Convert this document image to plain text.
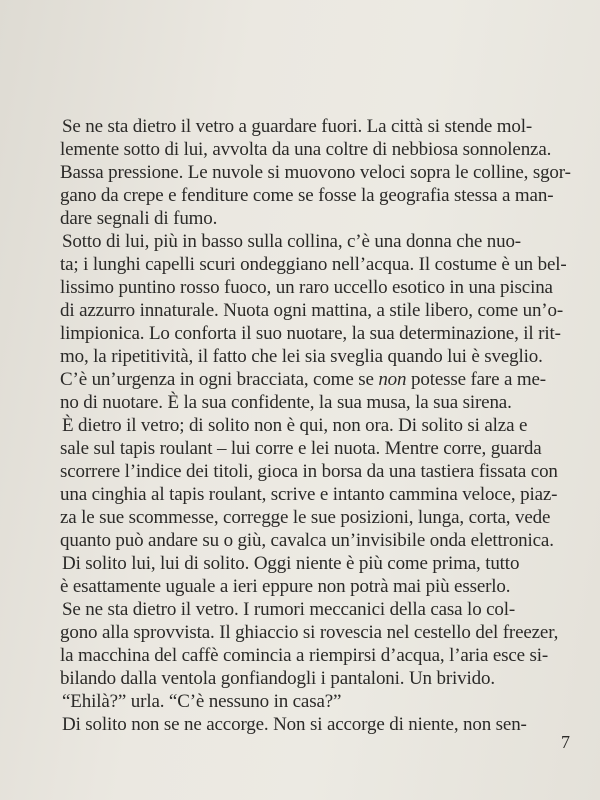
Se ne sta dietro il vetro a guardare fuori. La città si stende mol-
lemente sotto di lui, avvolta da una coltre di nebbiosa sonnolenza.
Bassa pressione. Le nuvole si muovono veloci sopra le colline, sgor-
gano da crepe e fenditure come se fosse la geografia stessa a man-
dare segnali di fumo.
Sotto di lui, più in basso sulla collina, c’è una donna che nuo-
ta; i lunghi capelli scuri ondeggiano nell’acqua. Il costume è un bel-
lissimo puntino rosso fuoco, un raro uccello esotico in una piscina
di azzurro innaturale. Nuota ogni mattina, a stile libero, come un’o-
limpionica. Lo conforta il suo nuotare, la sua determinazione, il rit-
mo, la ripetitività, il fatto che lei sia sveglia quando lui è sveglio.
C’è un’urgenza in ogni bracciata, come se non potesse fare a me-
no di nuotare. È la sua confidente, la sua musa, la sua sirena.
È dietro il vetro; di solito non è qui, non ora. Di solito si alza e
sale sul tapis roulant – lui corre e lei nuota. Mentre corre, guarda
scorrere l’indice dei titoli, gioca in borsa da una tastiera fissata con
una cinghia al tapis roulant, scrive e intanto cammina veloce, piaz-
za le sue scommesse, corregge le sue posizioni, lunga, corta, vede
quanto può andare su o giù, cavalca un’invisibile onda elettronica.
Di solito lui, lui di solito. Oggi niente è più come prima, tutto
è esattamente uguale a ieri eppure non potrà mai più esserlo.
Se ne sta dietro il vetro. I rumori meccanici della casa lo col-
gono alla sprovvista. Il ghiaccio si rovescia nel cestello del freezer,
la macchina del caffè comincia a riempirsi d’acqua, l’aria esce si-
bilando dalla ventola gonfiandogli i pantaloni. Un brivido.
“Ehilà?” urla. “C’è nessuno in casa?”
Di solito non se ne accorge. Non si accorge di niente, non sen-
7
